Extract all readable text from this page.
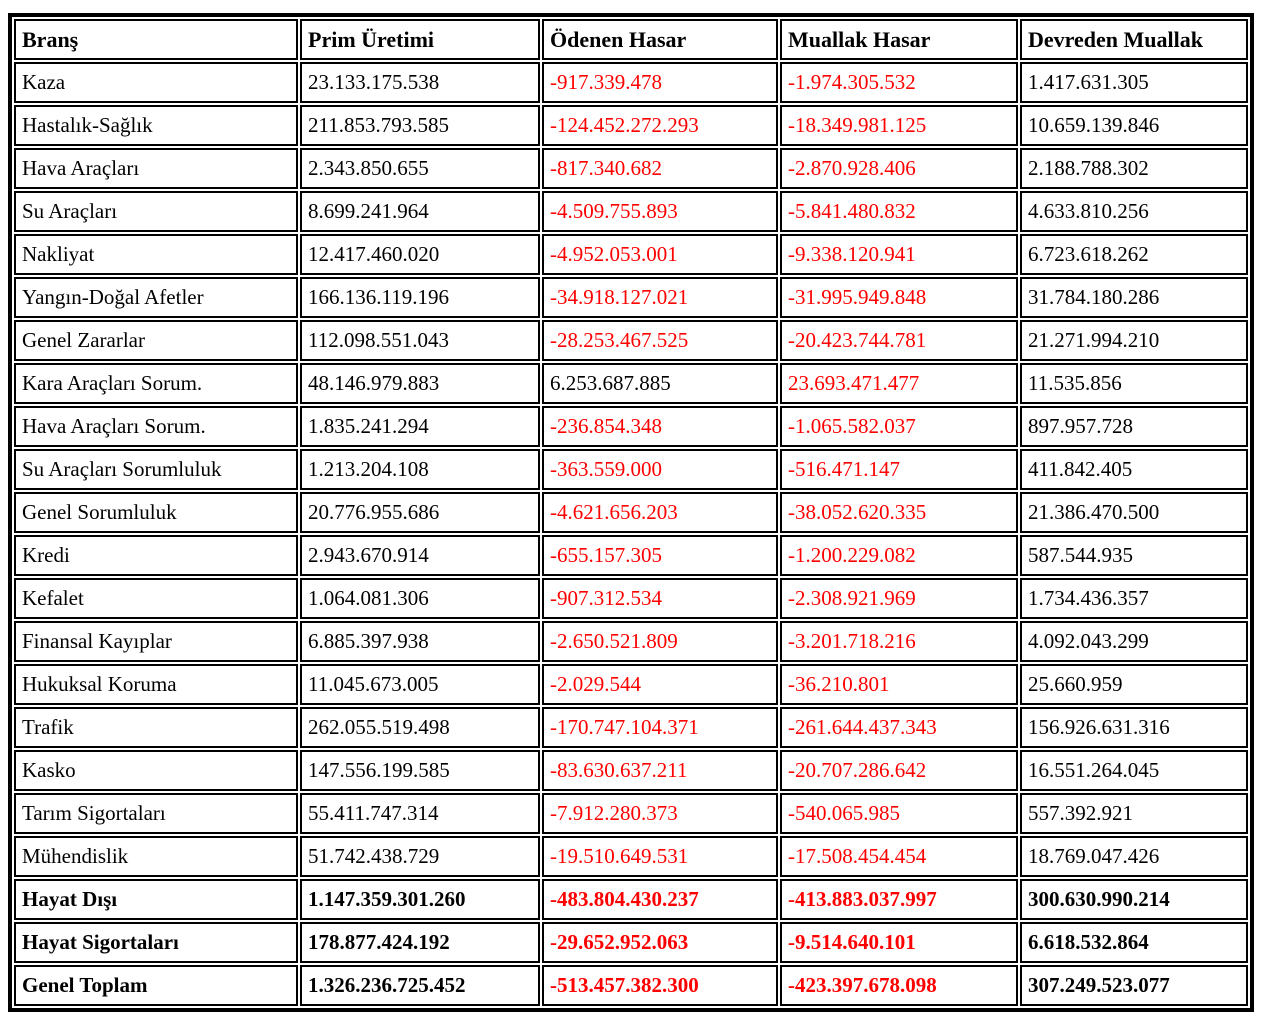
Branş	Prim Üretimi	Ödenen Hasar	Muallak Hasar	Devreden Muallak
Kaza	23.133.175.538	-917.339.478	-1.974.305.532	1.417.631.305
Hastalık-Sağlık	211.853.793.585	-124.452.272.293	-18.349.981.125	10.659.139.846
Hava Araçları	2.343.850.655	-817.340.682	-2.870.928.406	2.188.788.302
Su Araçları	8.699.241.964	-4.509.755.893	-5.841.480.832	4.633.810.256
Nakliyat	12.417.460.020	-4.952.053.001	-9.338.120.941	6.723.618.262
Yangın-Doğal Afetler	166.136.119.196	-34.918.127.021	-31.995.949.848	31.784.180.286
Genel Zararlar	112.098.551.043	-28.253.467.525	-20.423.744.781	21.271.994.210
Kara Araçları Sorum.	48.146.979.883	6.253.687.885	23.693.471.477	11.535.856
Hava Araçları Sorum.	1.835.241.294	-236.854.348	-1.065.582.037	897.957.728
Su Araçları Sorumluluk	1.213.204.108	-363.559.000	-516.471.147	411.842.405
Genel Sorumluluk	20.776.955.686	-4.621.656.203	-38.052.620.335	21.386.470.500
Kredi	2.943.670.914	-655.157.305	-1.200.229.082	587.544.935
Kefalet	1.064.081.306	-907.312.534	-2.308.921.969	1.734.436.357
Finansal Kayıplar	6.885.397.938	-2.650.521.809	-3.201.718.216	4.092.043.299
Hukuksal Koruma	11.045.673.005	-2.029.544	-36.210.801	25.660.959
Trafik	262.055.519.498	-170.747.104.371	-261.644.437.343	156.926.631.316
Kasko	147.556.199.585	-83.630.637.211	-20.707.286.642	16.551.264.045
Tarım Sigortaları	55.411.747.314	-7.912.280.373	-540.065.985	557.392.921
Mühendislik	51.742.438.729	-19.510.649.531	-17.508.454.454	18.769.047.426
Hayat Dışı	1.147.359.301.260	-483.804.430.237	-413.883.037.997	300.630.990.214
Hayat Sigortaları	178.877.424.192	-29.652.952.063	-9.514.640.101	6.618.532.864
Genel Toplam	1.326.236.725.452	-513.457.382.300	-423.397.678.098	307.249.523.077
